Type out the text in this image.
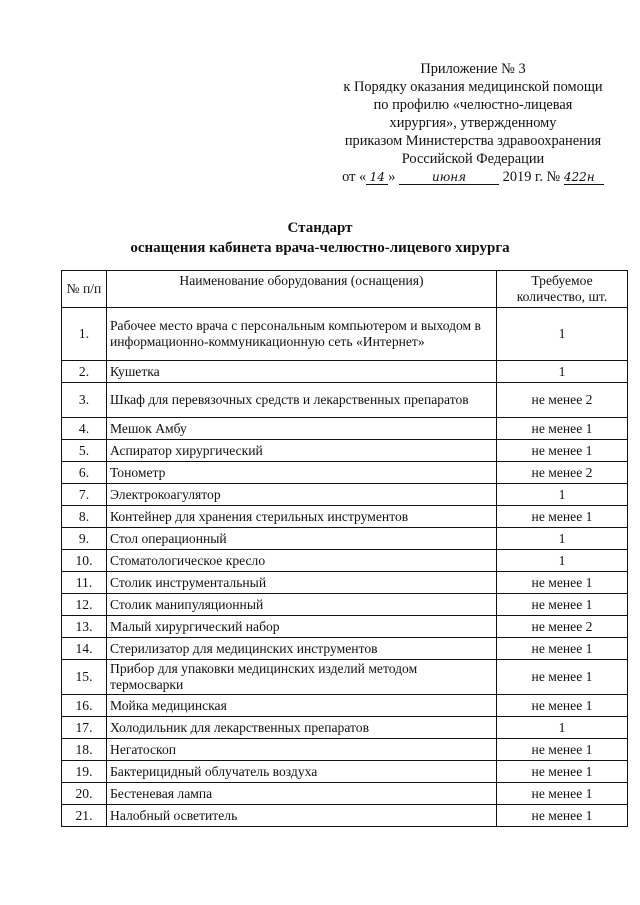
Приложение № 3
к Порядку оказания медицинской помощи
по профилю «челюстно-лицевая
хирургия», утвержденному
приказом Министерства здравоохранения
Российской Федерации
от « 14 »	июня	2019 г. № 422н
Стандарт
оснащения кабинета врача-челюстно-лицевого хирурга
№ п/п	Наименование оборудования (оснащения)	Требуемое количество, шт.
1.	Рабочее место врача с персональным компьютером и выходом в информационно-коммуникационную сеть «Интернет»	1
2.	Кушетка	1
3.	Шкаф для перевязочных средств и лекарственных препаратов	не менее 2
4.	Мешок Амбу	не менее 1
5.	Аспиратор хирургический	не менее 1
6.	Тонометр	не менее 2
7.	Электрокоагулятор	1
8.	Контейнер для хранения стерильных инструментов	не менее 1
9.	Стол операционный	1
10.	Стоматологическое кресло	1
11.	Столик инструментальный	не менее 1
12.	Столик манипуляционный	не менее 1
13.	Малый хирургический набор	не менее 2
14.	Стерилизатор для медицинских инструментов	не менее 1
15.	Прибор для упаковки медицинских изделий методом термосварки	не менее 1
16.	Мойка медицинская	не менее 1
17.	Холодильник для лекарственных препаратов	1
18.	Негатоскоп	не менее 1
19.	Бактерицидный облучатель воздуха	не менее 1
20.	Бестеневая лампа	не менее 1
21.	Налобный осветитель	не менее 1
